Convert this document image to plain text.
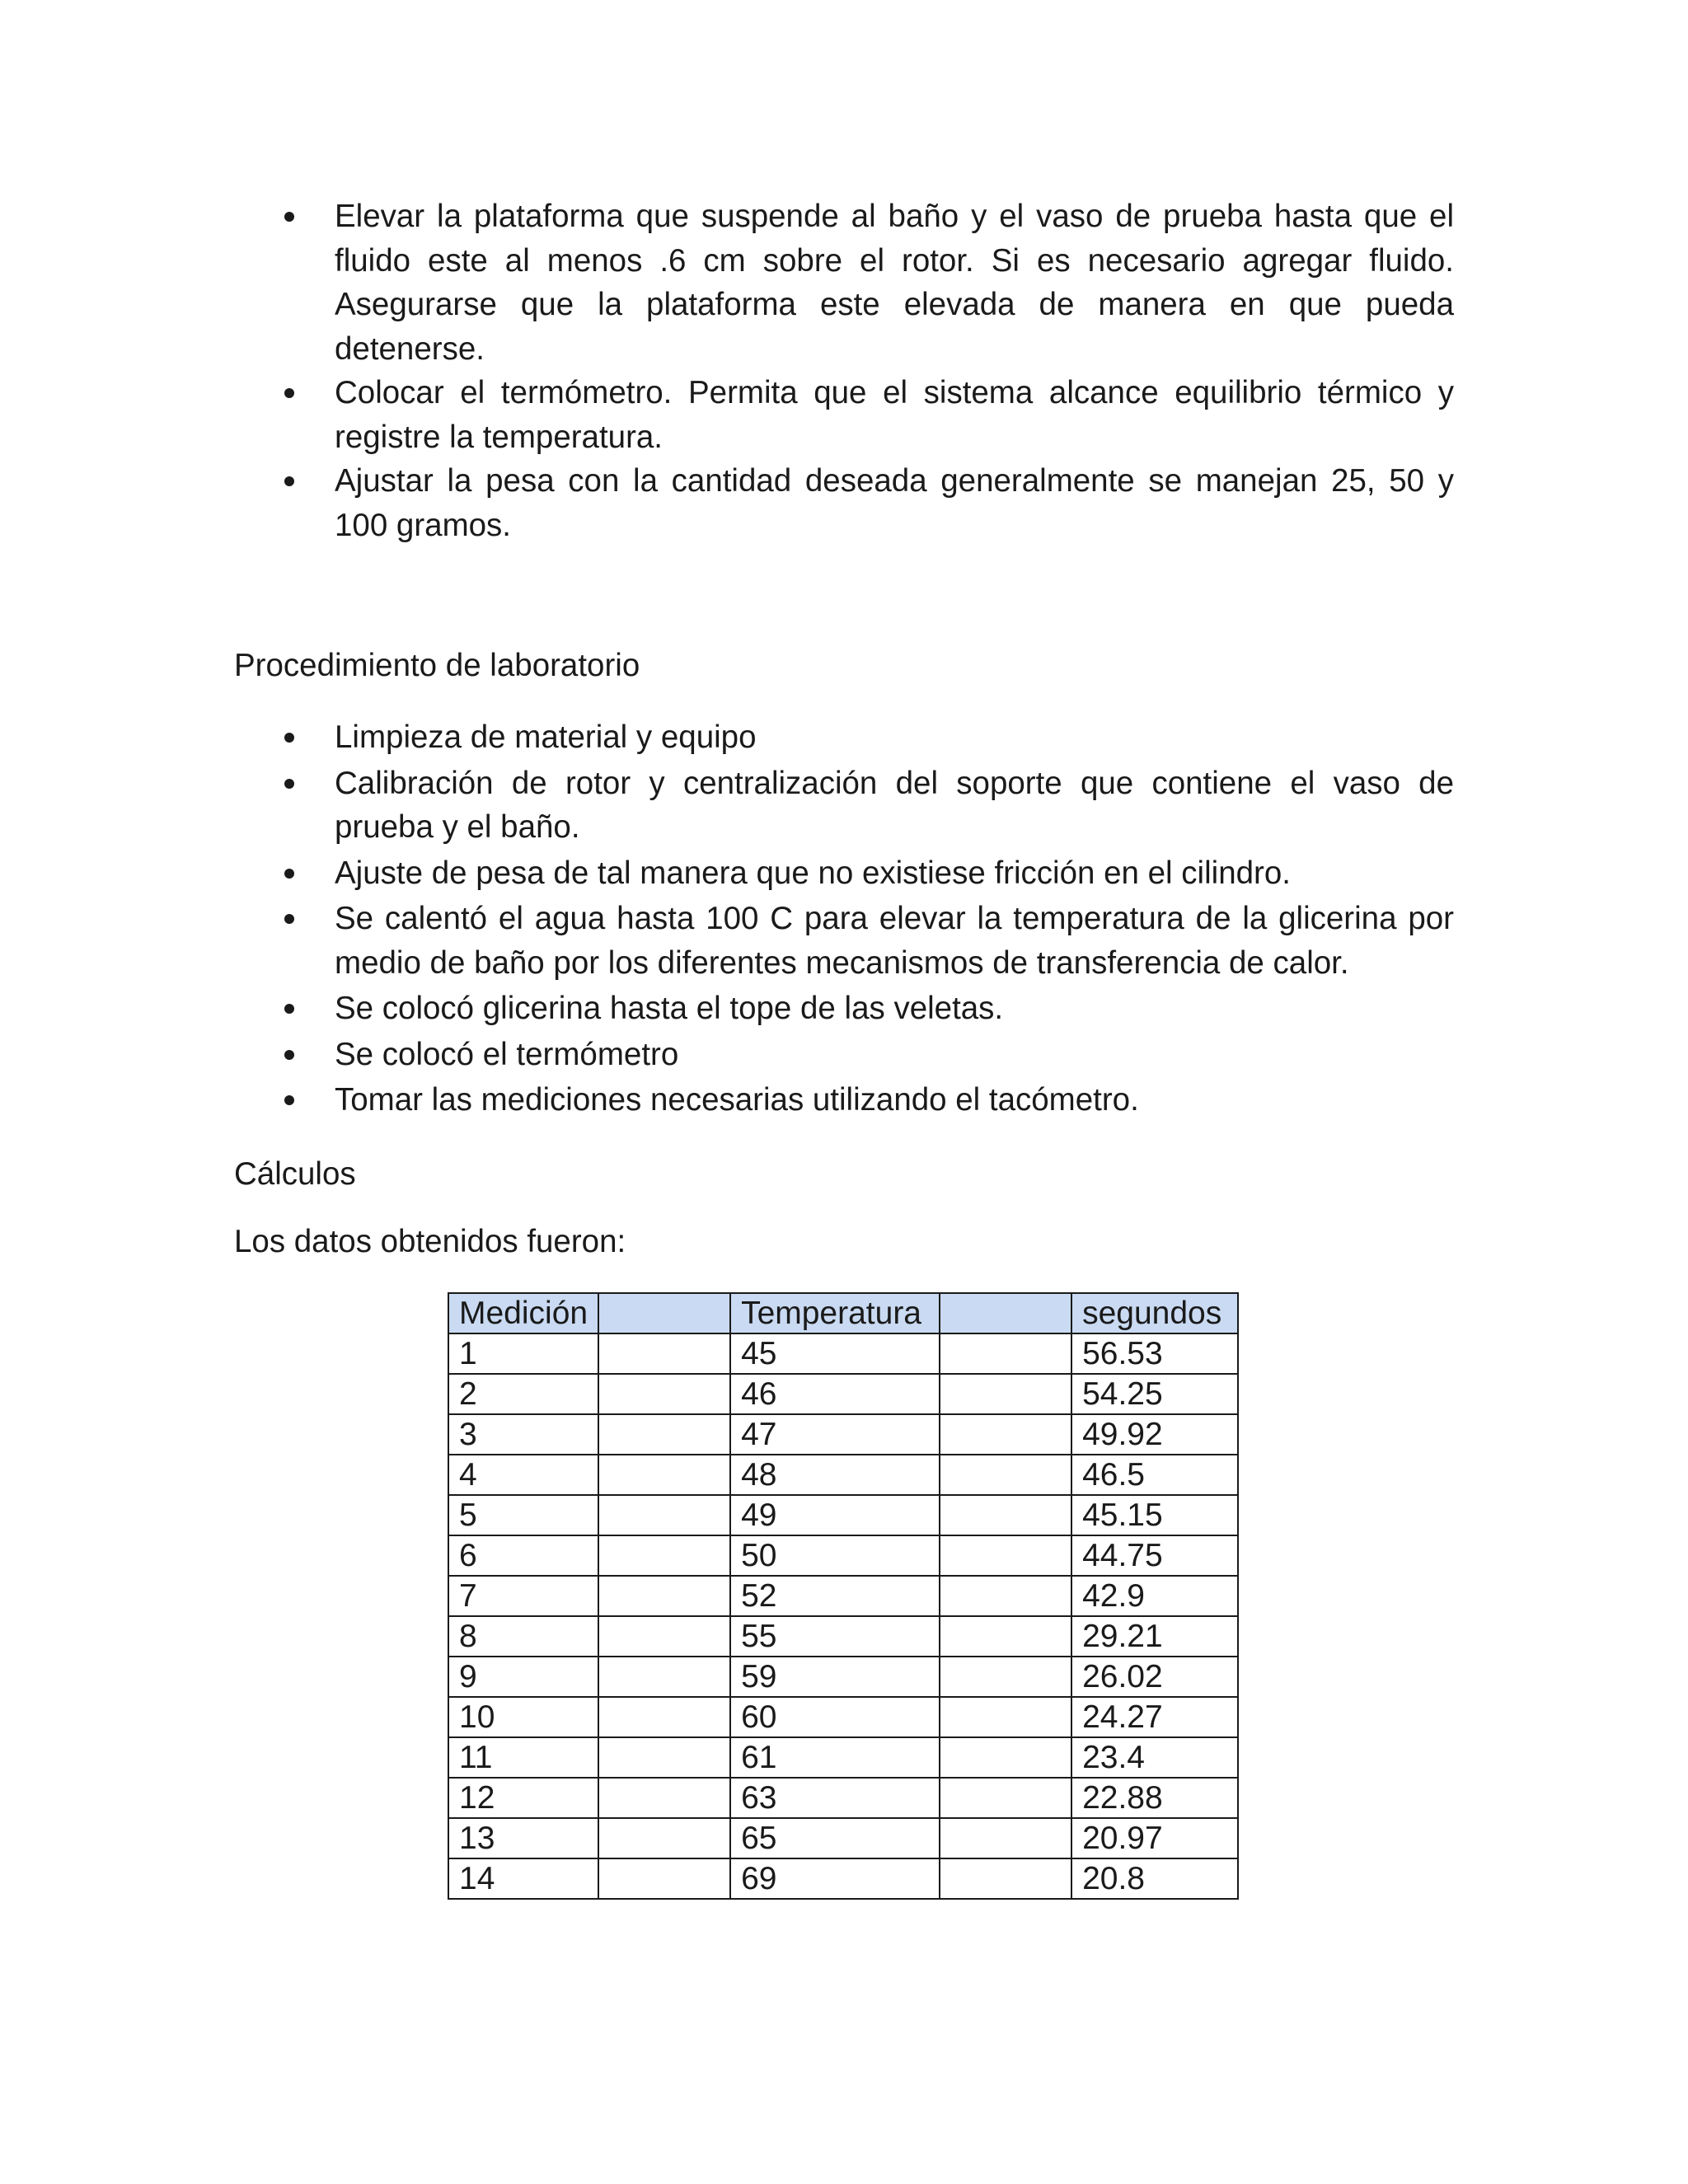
Elevar la plataforma que suspende al baño y el vaso de prueba hasta que el fluido este al menos .6 cm sobre el rotor. Si es necesario agregar fluido. Asegurarse que la plataforma este elevada de manera en que pueda detenerse.
Colocar el termómetro. Permita que el sistema alcance equilibrio térmico y registre la temperatura.
Ajustar la pesa con la cantidad deseada generalmente se manejan 25, 50 y 100 gramos.
Procedimiento de laboratorio
Limpieza de material y equipo
Calibración de rotor y centralización del soporte que contiene el vaso de prueba y el baño.
Ajuste de pesa de tal manera que no existiese fricción en el cilindro.
Se calentó el agua hasta 100 C para elevar la temperatura de la glicerina por medio de baño por los diferentes mecanismos de transferencia de calor.
Se colocó glicerina hasta el tope de las veletas.
Se colocó el termómetro
Tomar las mediciones necesarias utilizando el tacómetro.
Cálculos

Los datos obtenidos fueron:

Medición		Temperatura		segundos
1		45		56.53
2		46		54.25
3		47		49.92
4		48		46.5
5		49		45.15
6		50		44.75
7		52		42.9
8		55		29.21
9		59		26.02
10		60		24.27
11		61		23.4
12		63		22.88
13		65		20.97
14		69		20.8
